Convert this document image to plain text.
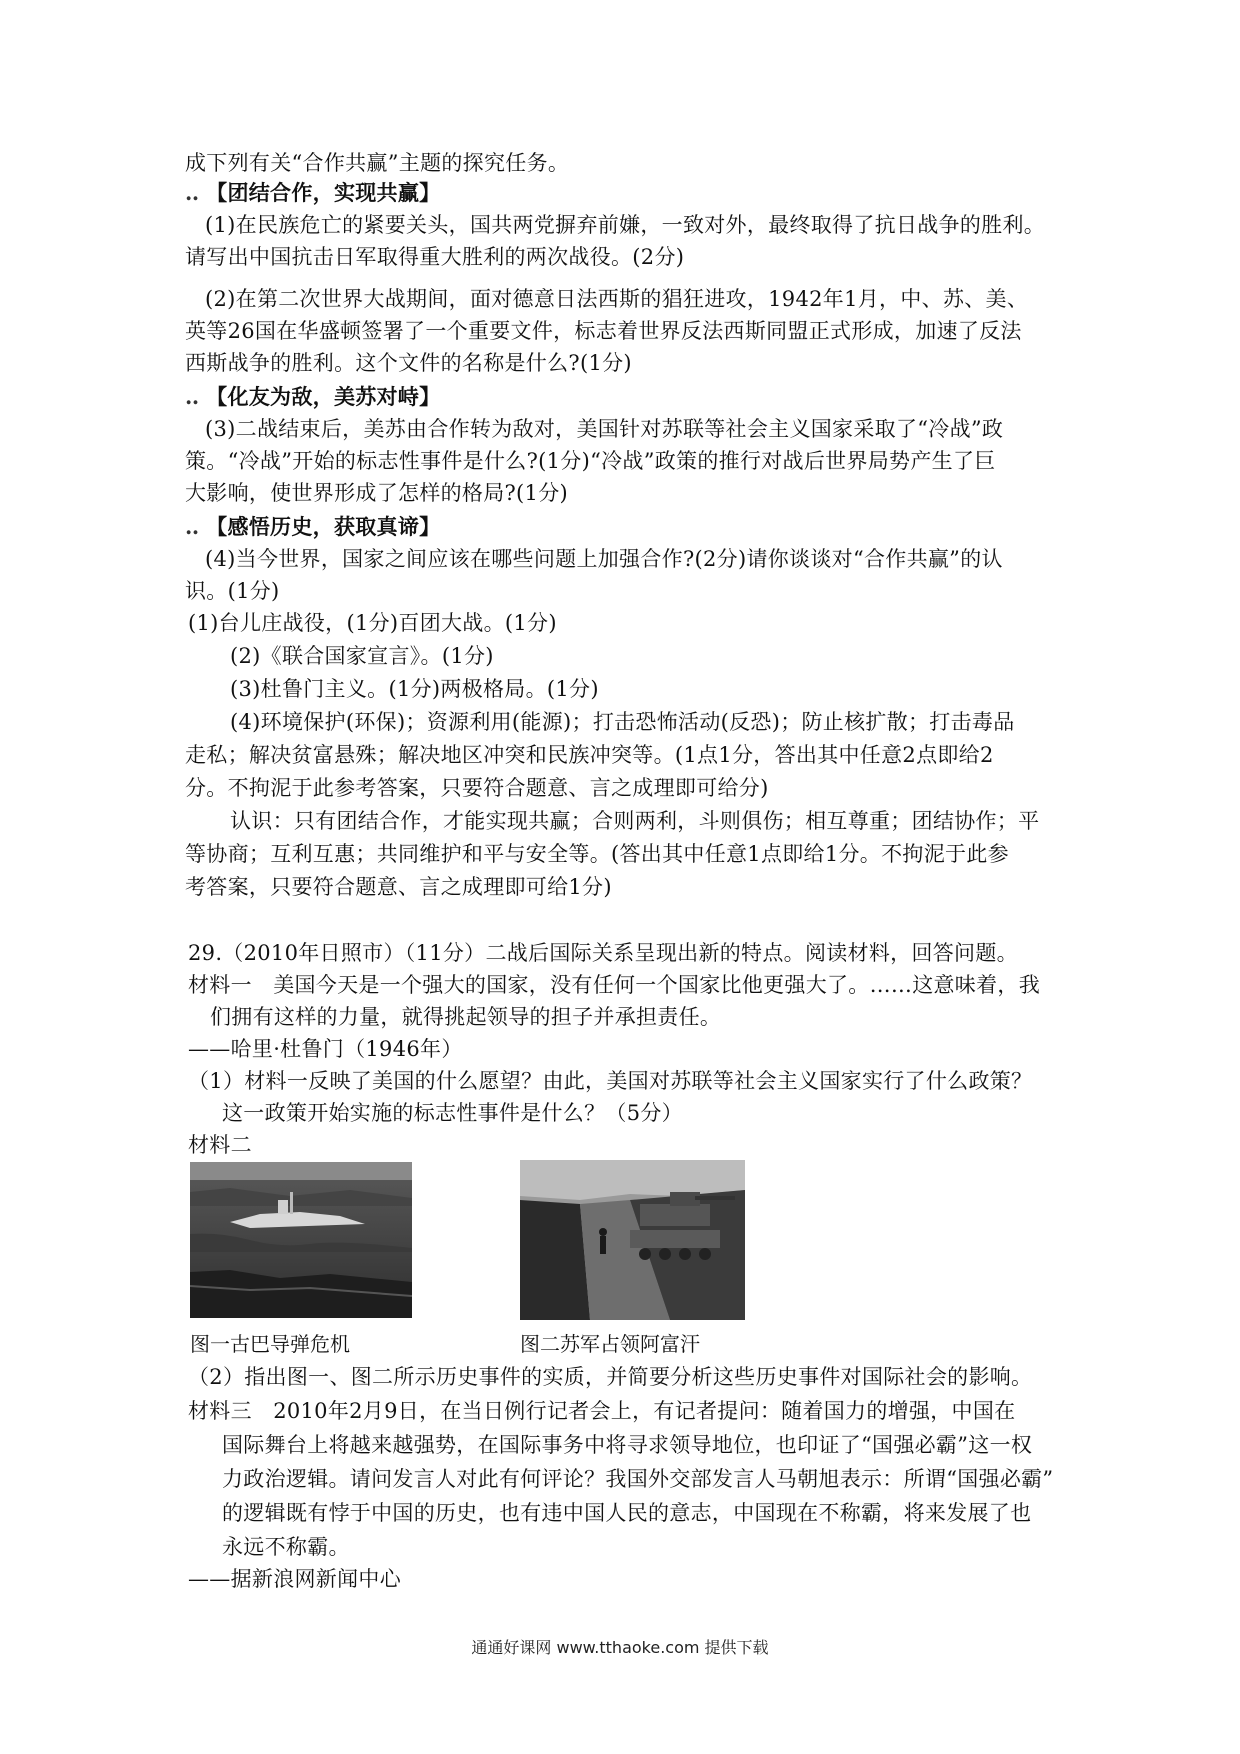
成下列有关“合作共赢”主题的探究任务。
‥ 【团结合作，实现共赢】
(1)在民族危亡的紧要关头，国共两党摒弃前嫌，一致对外，最终取得了抗日战争的胜利。
请写出中国抗击日军取得重大胜利的两次战役。(2分)
(2)在第二次世界大战期间，面对德意日法西斯的猖狂进攻，1942年1月，中、苏、美、
英等26国在华盛顿签署了一个重要文件，标志着世界反法西斯同盟正式形成，加速了反法
西斯战争的胜利。这个文件的名称是什么?(1分)
‥ 【化友为敌，美苏对峙】
(3)二战结束后，美苏由合作转为敌对，美国针对苏联等社会主义国家采取了“冷战”政
策。“冷战”开始的标志性事件是什么?(1分)“冷战”政策的推行对战后世界局势产生了巨
大影响，使世界形成了怎样的格局?(1分)
‥ 【感悟历史，获取真谛】
(4)当今世界，国家之间应该在哪些问题上加强合作?(2分)请你谈谈对“合作共赢”的认
识。(1分)
(1)台儿庄战役，(1分)百团大战。(1分)
(2)《联合国家宣言》。(1分)
(3)杜鲁门主义。(1分)两极格局。(1分)
(4)环境保护(环保)；资源利用(能源)；打击恐怖活动(反恐)；防止核扩散；打击毒品
走私；解决贫富悬殊；解决地区冲突和民族冲突等。(1点1分，答出其中任意2点即给2
分。不拘泥于此参考答案，只要符合题意、言之成理即可给分)
认识：只有团结合作，才能实现共赢；合则两利，斗则俱伤；相互尊重；团结协作；平
等协商；互利互惠；共同维护和平与安全等。(答出其中任意1点即给1分。不拘泥于此参
考答案，只要符合题意、言之成理即可给1分)
29.（2010年日照市）（11分）二战后国际关系呈现出新的特点。阅读材料，回答问题。
材料一　美国今天是一个强大的国家，没有任何一个国家比他更强大了。……这意味着，我
们拥有这样的力量，就得挑起领导的担子并承担责任。
——哈里·杜鲁门（1946年）
（1）材料一反映了美国的什么愿望？由此，美国对苏联等社会主义国家实行了什么政策？
这一政策开始实施的标志性事件是什么？（5分）
材料二
图一古巴导弹危机	图二苏军占领阿富汗
（2）指出图一、图二所示历史事件的实质，并简要分析这些历史事件对国际社会的影响。
材料三　2010年2月9日，在当日例行记者会上，有记者提问：随着国力的增强，中国在
国际舞台上将越来越强势，在国际事务中将寻求领导地位，也印证了“国强必霸”这一权
力政治逻辑。请问发言人对此有何评论？我国外交部发言人马朝旭表示：所谓“国强必霸”
的逻辑既有悖于中国的历史，也有违中国人民的意志，中国现在不称霸，将来发展了也
永远不称霸。
——据新浪网新闻中心
通通好课网 www.tthaoke.com 提供下载
